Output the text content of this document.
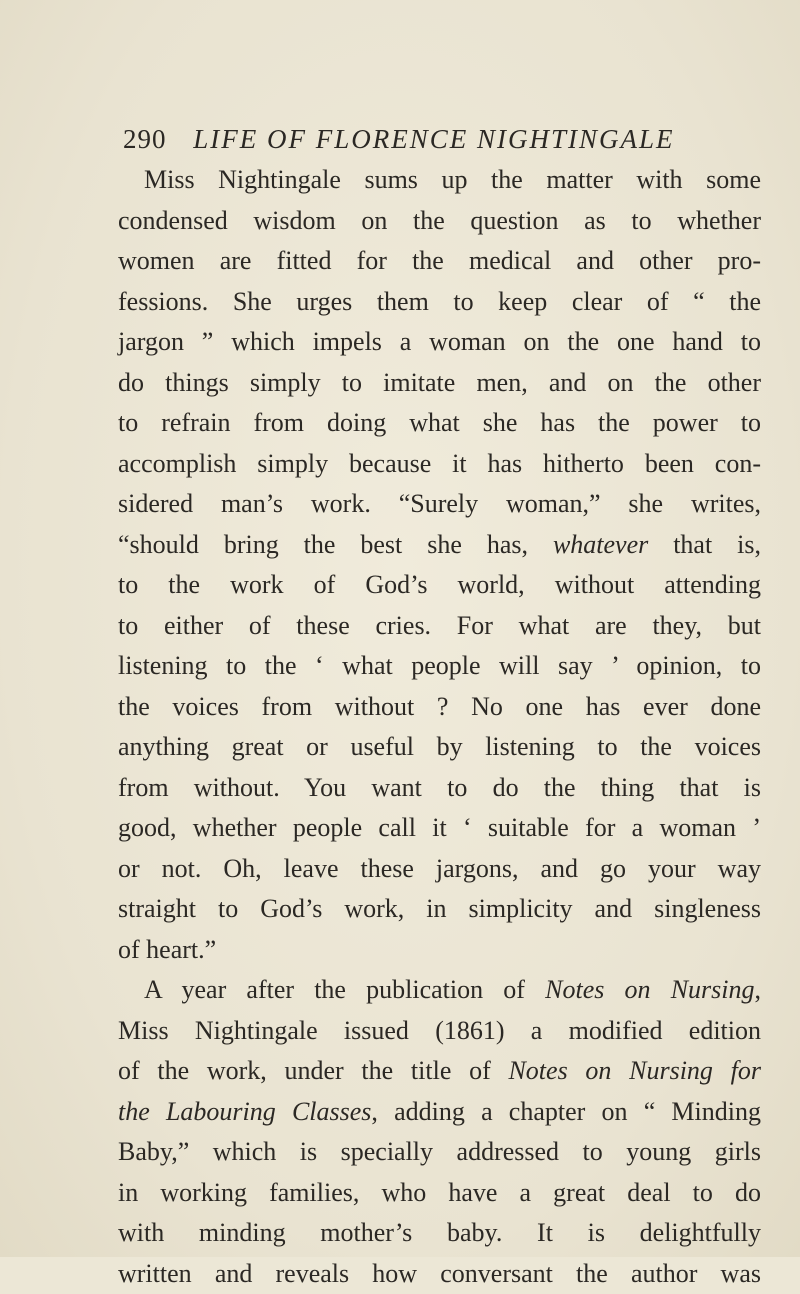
290 LIFE OF FLORENCE NIGHTINGALE
Miss Nightingale sums up the matter with some
condensed wisdom on the question as to whether
women are fitted for the medical and other pro-
fessions. She urges them to keep clear of “ the
jargon ” which impels a woman on the one hand to
do things simply to imitate men, and on the other
to refrain from doing what she has the power to
accomplish simply because it has hitherto been con-
sidered man’s work. “Surely woman,” she writes,
“should bring the best she has, whatever that is,
to the work of God’s world, without attending
to either of these cries. For what are they, but
listening to the ‘ what people will say ’ opinion, to
the voices from without ? No one has ever done
anything great or useful by listening to the voices
from without. You want to do the thing that is
good, whether people call it ‘ suitable for a woman ’
or not. Oh, leave these jargons, and go your way
straight to God’s work, in simplicity and singleness
of heart.”
A year after the publication of Notes on Nursing,
Miss Nightingale issued (1861) a modified edition
of the work, under the title of Notes on Nursing for
the Labouring Classes, adding a chapter on “ Minding
Baby,” which is specially addressed to young girls
in working families, who have a great deal to do
with minding mother’s baby. It is delightfully
written and reveals how conversant the author was
